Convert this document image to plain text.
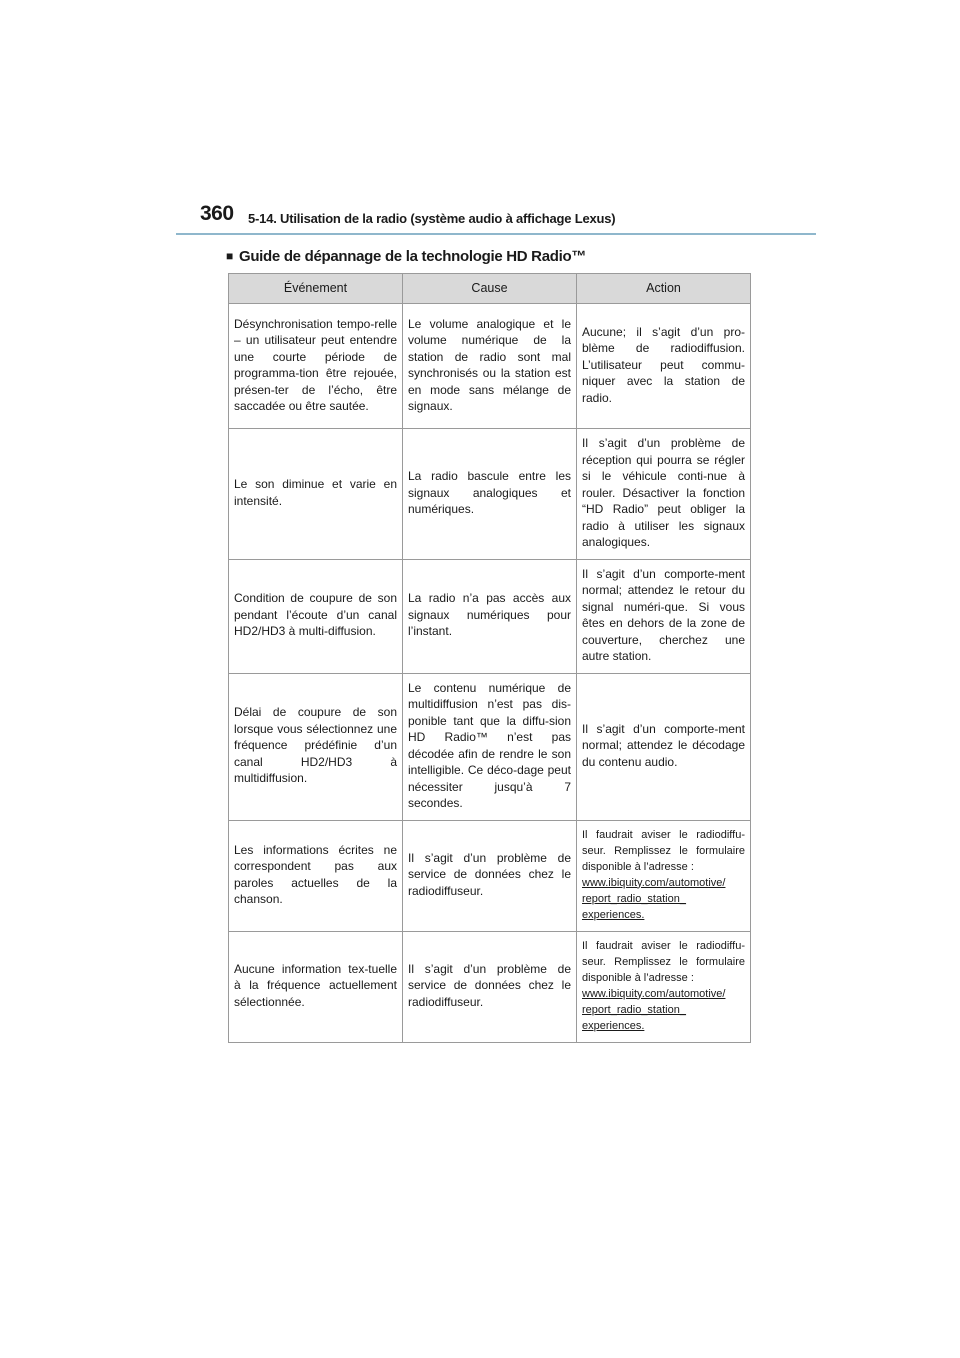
360 5-14. Utilisation de la radio (système audio à affichage Lexus)
■ Guide de dépannage de la technologie HD Radio™
Événement	Cause	Action
Désynchronisation tempo-relle – un utilisateur peut entendre une courte période de programma-tion être rejouée, présen-ter de l’écho, être saccadée ou être sautée.	Le volume analogique et le volume numérique de la station de radio sont mal synchronisés ou la station est en mode sans mélange de signaux.	Aucune; il s’agit d’un pro-blème de radiodiffusion. L’utilisateur peut commu-niquer avec la station de radio.
Le son diminue et varie en intensité.	La radio bascule entre les signaux analogiques et numériques.	Il s’agit d’un problème de réception qui pourra se régler si le véhicule conti-nue à rouler. Désactiver la fonction “HD Radio” peut obliger la radio à utiliser les signaux analogiques.
Condition de coupure de son pendant l’écoute d’un canal HD2/HD3 à multi-diffusion.	La radio n’a pas accès aux signaux numériques pour l’instant.	Il s’agit d’un comporte-ment normal; attendez le retour du signal numéri-que. Si vous êtes en dehors de la zone de couverture, cherchez une autre station.
Délai de coupure de son lorsque vous sélectionnez une fréquence prédéfinie d’un canal HD2/HD3 à multidiffusion.	Le contenu numérique de multidiffusion n’est pas dis-ponible tant que la diffu-sion HD Radio™ n’est pas décodée afin de rendre le son intelligible. Ce déco-dage peut nécessiter jusqu’à 7 secondes.	Il s’agit d’un comporte-ment normal; attendez le décodage du contenu audio.
Les informations écrites ne correspondent pas aux paroles actuelles de la chanson.	Il s’agit d’un problème de service de données chez le radiodiffuseur.	Il faudrait aviser le radiodiffu-seur. Remplissez le formulaire disponible à l’adresse :
www.ibiquity.com/automotive/
report_radio_station_
experiences.
Aucune information tex-tuelle à la fréquence actuellement sélectionnée.	Il s’agit d’un problème de service de données chez le radiodiffuseur.	Il faudrait aviser le radiodiffu-seur. Remplissez le formulaire disponible à l’adresse :
www.ibiquity.com/automotive/
report_radio_station_
experiences.
